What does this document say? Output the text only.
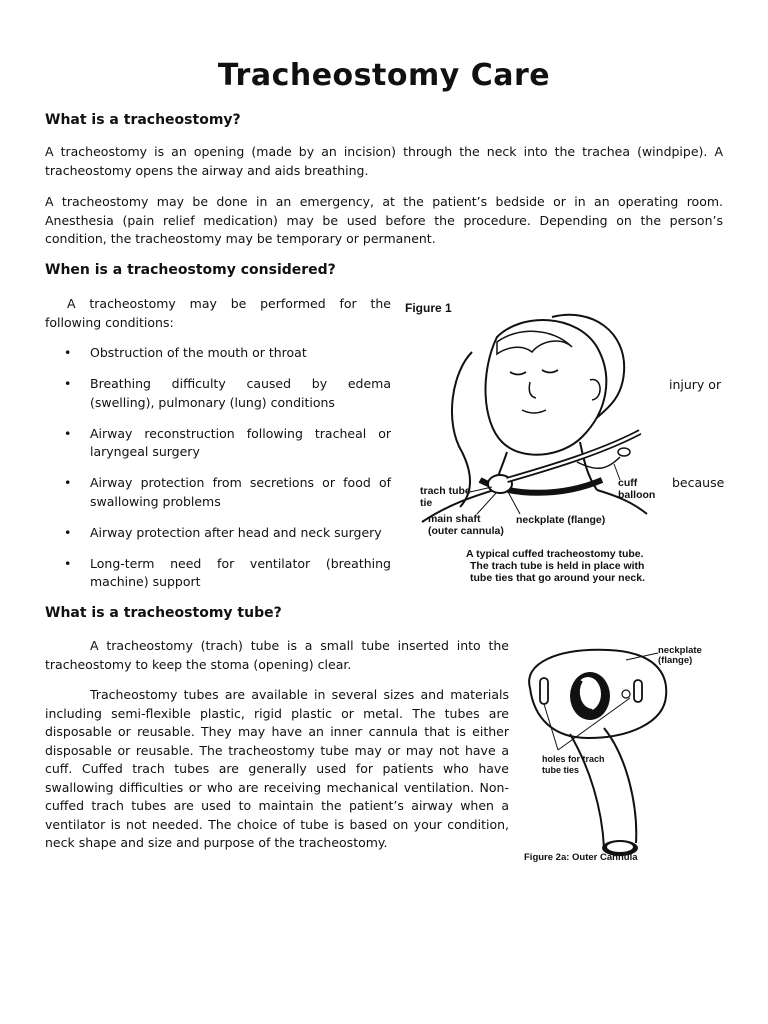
Tracheostomy Care
What is a tracheostomy?
A tracheostomy is an opening (made by an incision) through the neck into the trachea (windpipe). A tracheostomy opens the airway and aids breathing.
A tracheostomy may be done in an emergency, at the patient’s bedside or in an operating room. Anesthesia (pain relief medication) may be used before the procedure. Depending on the person’s condition, the tracheostomy may be temporary or permanent.
When is a tracheostomy considered?
A tracheostomy may be performed for the following conditions:
• Obstruction of the mouth or throat
• Breathing difficulty caused by edema (swelling), pulmonary (lung) conditions
• Airway reconstruction following tracheal or laryngeal surgery
• Airway protection from secretions or food of swallowing problems
• Airway protection after head and neck surgery
• Long-term need for ventilator (breathing machine) support
Figure 1
trach tube
tie
main shaft
(outer cannula)
neckplate (flange)
cuff
balloon
A typical cuffed tracheostomy tube.
The trach tube is held in place with
tube ties that go around your neck.
injury or
because
What is a tracheostomy tube?
A tracheostomy (trach) tube is a small tube inserted into the tracheostomy to keep the stoma (opening) clear.
Tracheostomy tubes are available in several sizes and materials including semi-flexible plastic, rigid plastic or metal. The tubes are disposable or reusable. They may have an inner cannula that is either disposable or reusable. The tracheostomy tube may or may not have a cuff. Cuffed trach tubes are generally used for patients who have swallowing difficulties or who are receiving mechanical ventilation. Non-cuffed trach tubes are used to maintain the patient’s airway when a ventilator is not needed. The choice of tube is based on your condition, neck shape and size and purpose of the tracheostomy.
neckplate
(flange)
holes for trach
tube ties
Figure 2a: Outer Cannula
